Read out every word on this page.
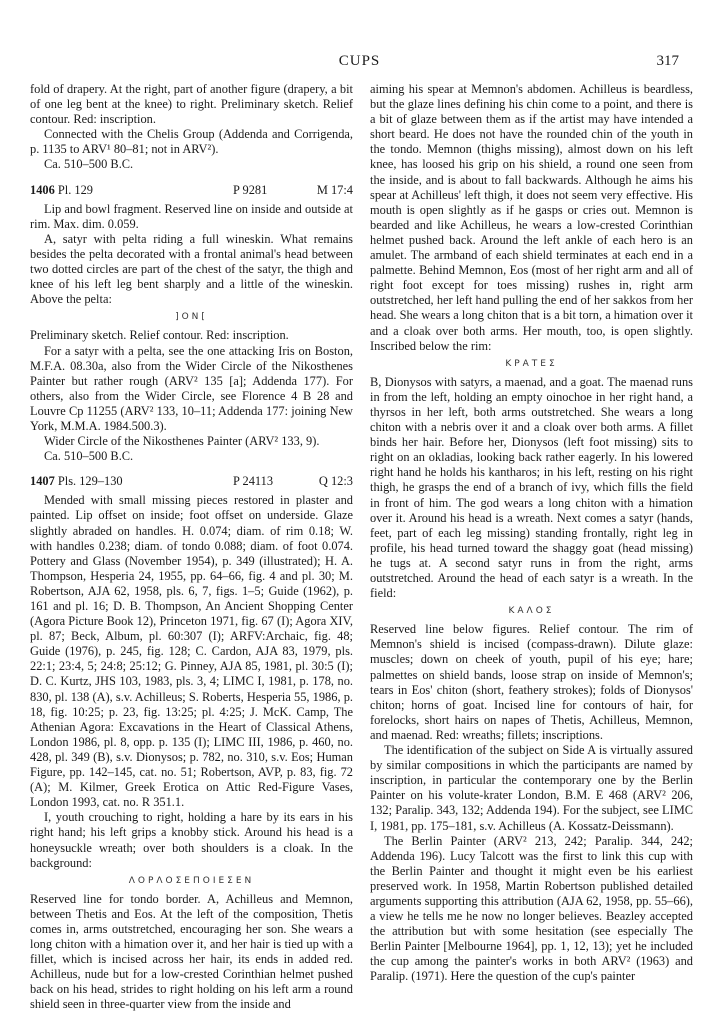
CUPS	317

fold of drapery. At the right, part of another figure (drapery, a bit of one leg bent at the knee) to right. Preliminary sketch. Relief contour. Red: inscription.

Connected with the Chelis Group (Addenda and Corrigenda, p. 1135 to ARV¹ 80–81; not in ARV²).

Ca. 510–500 B.C.

1406 Pl. 129	P 9281	M 17:4

Lip and bowl fragment. Reserved line on inside and outside at rim. Max. dim. 0.059.

A, satyr with pelta riding a full wineskin. What remains besides the pelta decorated with a frontal animal's head between two dotted circles are part of the chest of the satyr, the thigh and knee of his left leg bent sharply and a little of the wineskin. Above the pelta:

]ΟΝ[

Preliminary sketch. Relief contour. Red: inscription.

For a satyr with a pelta, see the one attacking Iris on Boston, M.F.A. 08.30a, also from the Wider Circle of the Nikosthenes Painter but rather rough (ARV² 135 [a]; Addenda 177). For others, also from the Wider Circle, see Florence 4 B 28 and Louvre Cp 11255 (ARV² 133, 10–11; Addenda 177: joining New York, M.M.A. 1984.500.3).

Wider Circle of the Nikosthenes Painter (ARV² 133, 9).

Ca. 510–500 B.C.

1407 Pls. 129–130	P 24113	Q 12:3

Mended with small missing pieces restored in plaster and painted. Lip offset on inside; foot offset on underside. Glaze slightly abraded on handles. H. 0.074; diam. of rim 0.18; W. with handles 0.238; diam. of tondo 0.088; diam. of foot 0.074. Pottery and Glass (November 1954), p. 349 (illustrated); H. A. Thompson, Hesperia 24, 1955, pp. 64–66, fig. 4 and pl. 30; M. Robertson, AJA 62, 1958, pls. 6, 7, figs. 1–5; Guide (1962), p. 161 and pl. 16; D. B. Thompson, An Ancient Shopping Center (Agora Picture Book 12), Princeton 1971, fig. 67 (I); Agora XIV, pl. 87; Beck, Album, pl. 60:307 (I); ARFV:Archaic, fig. 48; Guide (1976), p. 245, fig. 128; C. Cardon, AJA 83, 1979, pls. 22:1; 23:4, 5; 24:8; 25:12; G. Pinney, AJA 85, 1981, pl. 30:5 (I); D. C. Kurtz, JHS 103, 1983, pls. 3, 4; LIMC I, 1981, p. 178, no. 830, pl. 138 (A), s.v. Achilleus; S. Roberts, Hesperia 55, 1986, p. 18, fig. 10:25; p. 23, fig. 13:25; pl. 4:25; J. McK. Camp, The Athenian Agora: Excavations in the Heart of Classical Athens, London 1986, pl. 8, opp. p. 135 (I); LIMC III, 1986, p. 460, no. 428, pl. 349 (B), s.v. Dionysos; p. 782, no. 310, s.v. Eos; Human Figure, pp. 142–145, cat. no. 51; Robertson, AVP, p. 83, fig. 72 (A); M. Kilmer, Greek Erotica on Attic Red-Figure Vases, London 1993, cat. no. R 351.1.

I, youth crouching to right, holding a hare by its ears in his right hand; his left grips a knobby stick. Around his head is a honeysuckle wreath; over both shoulders is a cloak. In the background:

ΛΟΡΛΟΣΕΠΟΙΕΣΕΝ

Reserved line for tondo border. A, Achilleus and Memnon, between Thetis and Eos. At the left of the composition, Thetis comes in, arms outstretched, encouraging her son. She wears a long chiton with a himation over it, and her hair is tied up with a fillet, which is incised across her hair, its ends in added red. Achilleus, nude but for a low-crested Corinthian helmet pushed back on his head, strides to right holding on his left arm a round shield seen in three-quarter view from the inside and

aiming his spear at Memnon's abdomen. Achilleus is beardless, but the glaze lines defining his chin come to a point, and there is a bit of glaze between them as if the artist may have intended a short beard. He does not have the rounded chin of the youth in the tondo. Memnon (thighs missing), almost down on his left knee, has loosed his grip on his shield, a round one seen from the inside, and is about to fall backwards. Although he aims his spear at Achilleus' left thigh, it does not seem very effective. His mouth is open slightly as if he gasps or cries out. Memnon is bearded and like Achilleus, he wears a low-crested Corinthian helmet pushed back. Around the left ankle of each hero is an amulet. The armband of each shield terminates at each end in a palmette. Behind Memnon, Eos (most of her right arm and all of right foot except for toes missing) rushes in, right arm outstretched, her left hand pulling the end of her sakkos from her head. She wears a long chiton that is a bit torn, a himation over it and a cloak over both arms. Her mouth, too, is open slightly. Inscribed below the rim:

ΚΡΑΤΕΣ

B, Dionysos with satyrs, a maenad, and a goat. The maenad runs in from the left, holding an empty oinochoe in her right hand, a thyrsos in her left, both arms outstretched. She wears a long chiton with a nebris over it and a cloak over both arms. A fillet binds her hair. Before her, Dionysos (left foot missing) sits to right on an okladias, looking back rather eagerly. In his lowered right hand he holds his kantharos; in his left, resting on his right thigh, he grasps the end of a branch of ivy, which fills the field in front of him. The god wears a long chiton with a himation over it. Around his head is a wreath. Next comes a satyr (hands, feet, part of each leg missing) standing frontally, right leg in profile, his head turned toward the shaggy goat (head missing) he tugs at. A second satyr runs in from the right, arms outstretched. Around the head of each satyr is a wreath. In the field:

ΚΑΛΟΣ

Reserved line below figures. Relief contour. The rim of Memnon's shield is incised (compass-drawn). Dilute glaze: muscles; down on cheek of youth, pupil of his eye; hare; palmettes on shield bands, loose strap on inside of Memnon's; tears in Eos' chiton (short, feathery strokes); folds of Dionysos' chiton; horns of goat. Incised line for contours of hair, for forelocks, short hairs on napes of Thetis, Achilleus, Memnon, and maenad. Red: wreaths; fillets; inscriptions.

The identification of the subject on Side A is virtually assured by similar compositions in which the participants are named by inscription, in particular the contemporary one by the Berlin Painter on his volute-krater London, B.M. E 468 (ARV² 206, 132; Paralip. 343, 132; Addenda 194). For the subject, see LIMC I, 1981, pp. 175–181, s.v. Achilleus (A. Kossatz-Deissmann).

The Berlin Painter (ARV² 213, 242; Paralip. 344, 242; Addenda 196). Lucy Talcott was the first to link this cup with the Berlin Painter and thought it might even be his earliest preserved work. In 1958, Martin Robertson published detailed arguments supporting this attribution (AJA 62, 1958, pp. 55–66), a view he tells me he now no longer believes. Beazley accepted the attribution but with some hesitation (see especially The Berlin Painter [Melbourne 1964], pp. 1, 12, 13); yet he included the cup among the painter's works in both ARV² (1963) and Paralip. (1971). Here the question of the cup's painter
